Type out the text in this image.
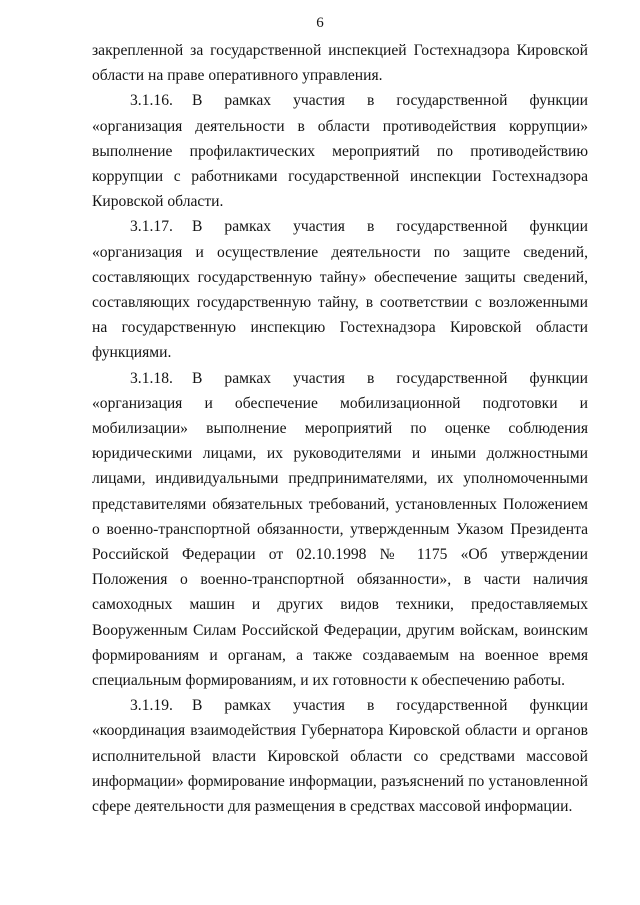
6

закрепленной за государственной инспекцией Гостехнадзора Кировской области на праве оперативного управления.

3.1.16. В рамках участия в государственной функции «организация деятельности в области противодействия коррупции» выполнение профилактических мероприятий по противодействию коррупции с работниками государственной инспекции Гостехнадзора Кировской области.

3.1.17. В рамках участия в государственной функции «организация и осуществление деятельности по защите сведений, составляющих государственную тайну» обеспечение защиты сведений, составляющих государственную тайну, в соответствии с возложенными на государственную инспекцию Гостехнадзора Кировской области функциями.

3.1.18. В рамках участия в государственной функции «организация и обеспечение мобилизационной подготовки и мобилизации» выполнение мероприятий по оценке соблюдения юридическими лицами, их руководителями и иными должностными лицами, индивидуальными предпринимателями, их уполномоченными представителями обязательных требований, установленных Положением о военно-транспортной обязанности, утвержденным Указом Президента Российской Федерации от 02.10.1998 № 1175 «Об утверждении Положения о военно-транспортной обязанности», в части наличия самоходных машин и других видов техники, предоставляемых Вооруженным Силам Российской Федерации, другим войскам, воинским формированиям и органам, а также создаваемым на военное время специальным формированиям, и их готовности к обеспечению работы.

3.1.19. В рамках участия в государственной функции «координация взаимодействия Губернатора Кировской области и органов исполнительной власти Кировской области со средствами массовой информации» формирование информации, разъяснений по установленной сфере деятельности для размещения в средствах массовой информации.
